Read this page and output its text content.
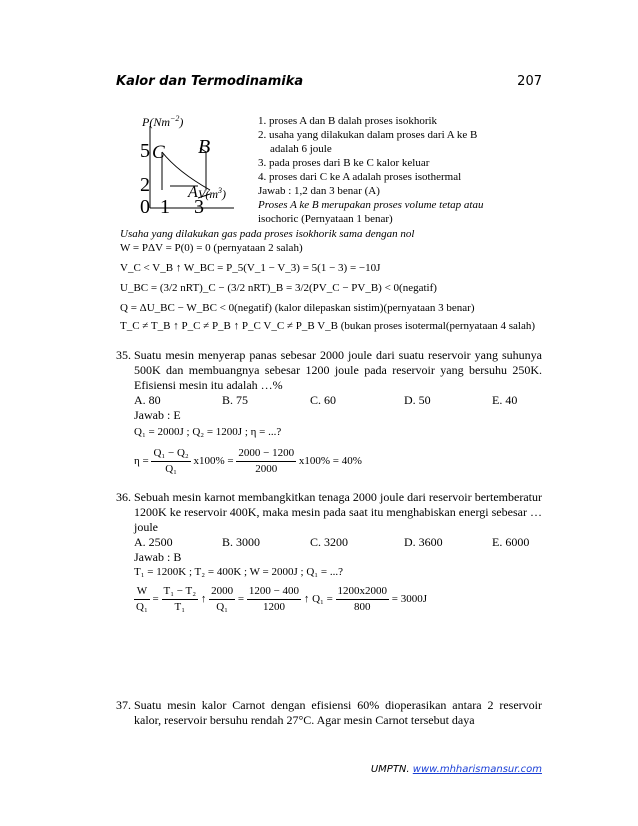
Kalor dan Termodinamika	207
$P(Nm^{-2})$
5 C B
2 A $V(m^3)$
0 1 3
1. proses A dan B dalah proses isokhorik
2. usaha yang dilakukan dalam proses dari A ke B
adalah 6 joule
3. pada proses dari B ke C kalor keluar
4. proses dari C ke A adalah proses isothermal
Jawab : 1,2 dan 3 benar (A)
Proses A ke B merupakan proses volume tetap atau
isochoric (Pernyataan 1 benar)
Usaha yang dilakukan gas pada proses isokhorik sama dengan nol
W = PΔV = P(0) = 0 (pernyataan 2 salah)
V_C < V_B ↑ W_BC = P_5(V_1 − V_3) = 5(1 − 3) = −10J
U_BC = (3/2 nRT)_C − (3/2 nRT)_B = 3/2(PV_C − PV_B) < 0(negatif)
Q = ΔU_BC − W_BC < 0(negatif) (kalor dilepaskan sistim)(pernyataan 3 benar)
T_C ≠ T_B ↑ P_C ≠ P_B ↑ P_C V_C ≠ P_B V_B (bukan proses isotermal(pernyataan 4 salah)
35. Suatu mesin menyerap panas sebesar 2000 joule dari suatu reservoir yang suhunya 500K dan membuangnya sebesar 1200 joule pada reservoir yang bersuhu 250K. Efisiensi mesin itu adalah …%
A. 80	B. 75	C. 60	D. 50	E. 40
Jawab : E
Q₁ = 2000J ; Q₂ = 1200J ; η = ...?
$\eta = \frac{\text{Q₁ − Q₂}}{\text{Q₁}} x100\% = \frac{2000 - 1200}{2000} x100\% = 40\%$
36. Sebuah mesin karnot membangkitkan tenaga 2000 joule dari reservoir bertemberatur 1200K ke reservoir 400K, maka mesin pada saat itu menghabiskan energi sebesar …joule
A. 2500	B. 3000	C. 3200	D. 3600	E. 6000
Jawab : B
T₁ = 1200K ; T₂ = 400K ; W = 2000J ; Q₁ = ...?
$\frac{W}{\text{Q₁}} = \frac{\text{T₁ − T₂}}{\text{T₁}}$ ↑ $\frac{2000}{\text{Q₁}} = \frac{1200 - 400}{1200}$ ↑ $Q_1 = \frac{1200x2000}{800} = 3000J$
37. Suatu mesin kalor Carnot dengan efisiensi 60% dioperasikan antara 2 reservoir kalor, reservoir bersuhu rendah 27°C. Agar mesin Carnot tersebut daya
UMPTN. www.mhharismansur.com
